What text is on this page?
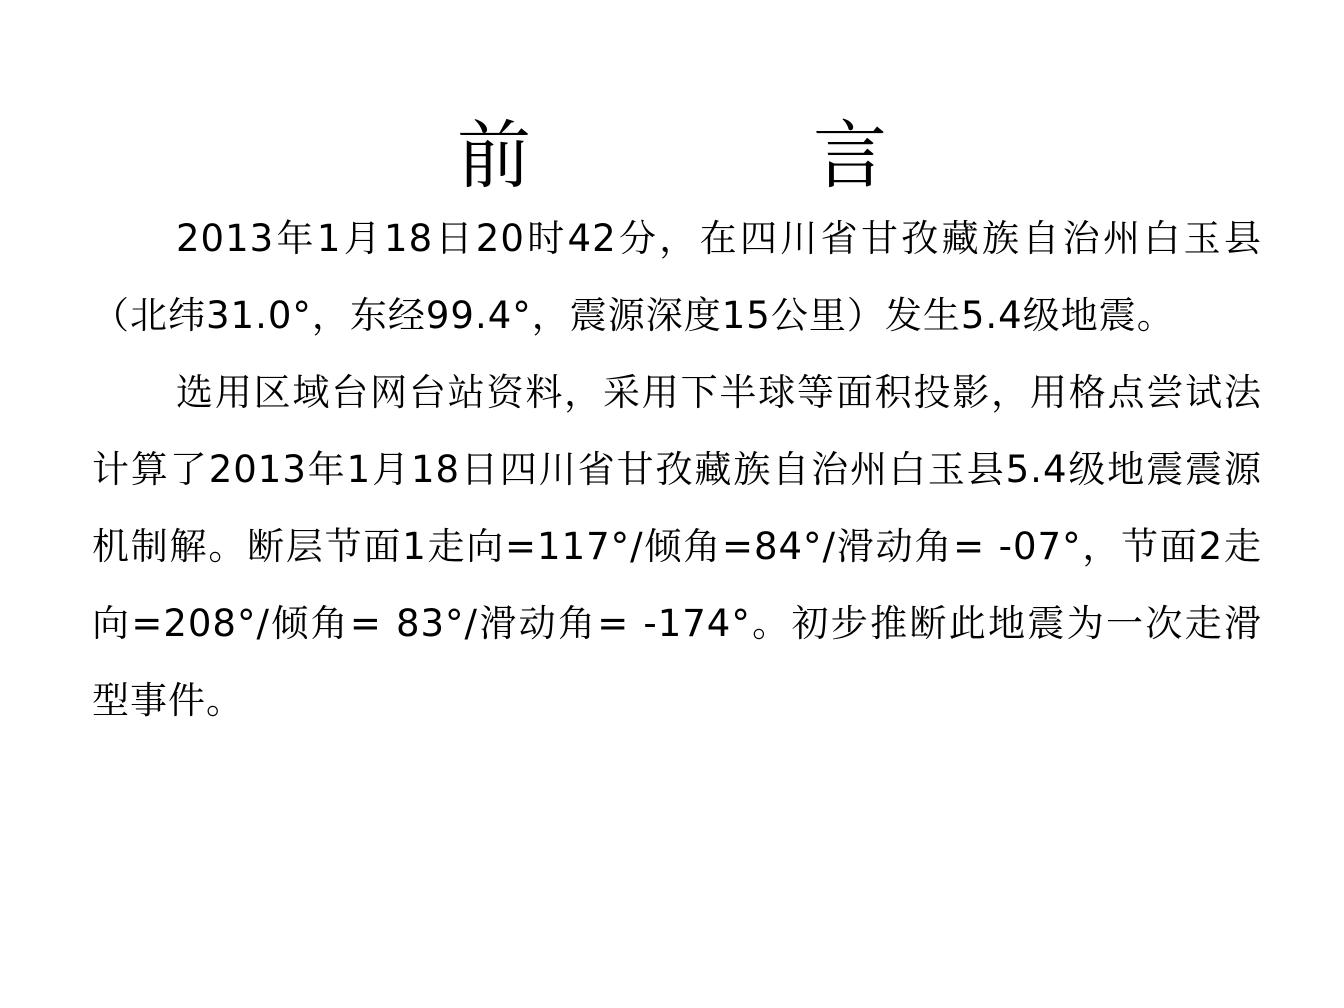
前　言

2013年1月18日20时42分，在四川省甘孜藏族自治州白玉县（北纬31.0°，东经99.4°，震源深度15公里）发生5.4级地震。

选用区域台网台站资料，采用下半球等面积投影，用格点尝试法计算了2013年1月18日四川省甘孜藏族自治州白玉县5.4级地震震源机制解。断层节面1走向=117°/倾角=84°/滑动角= -07°，节面2走向=208°/倾角= 83°/滑动角= -174°。初步推断此地震为一次走滑型事件。
